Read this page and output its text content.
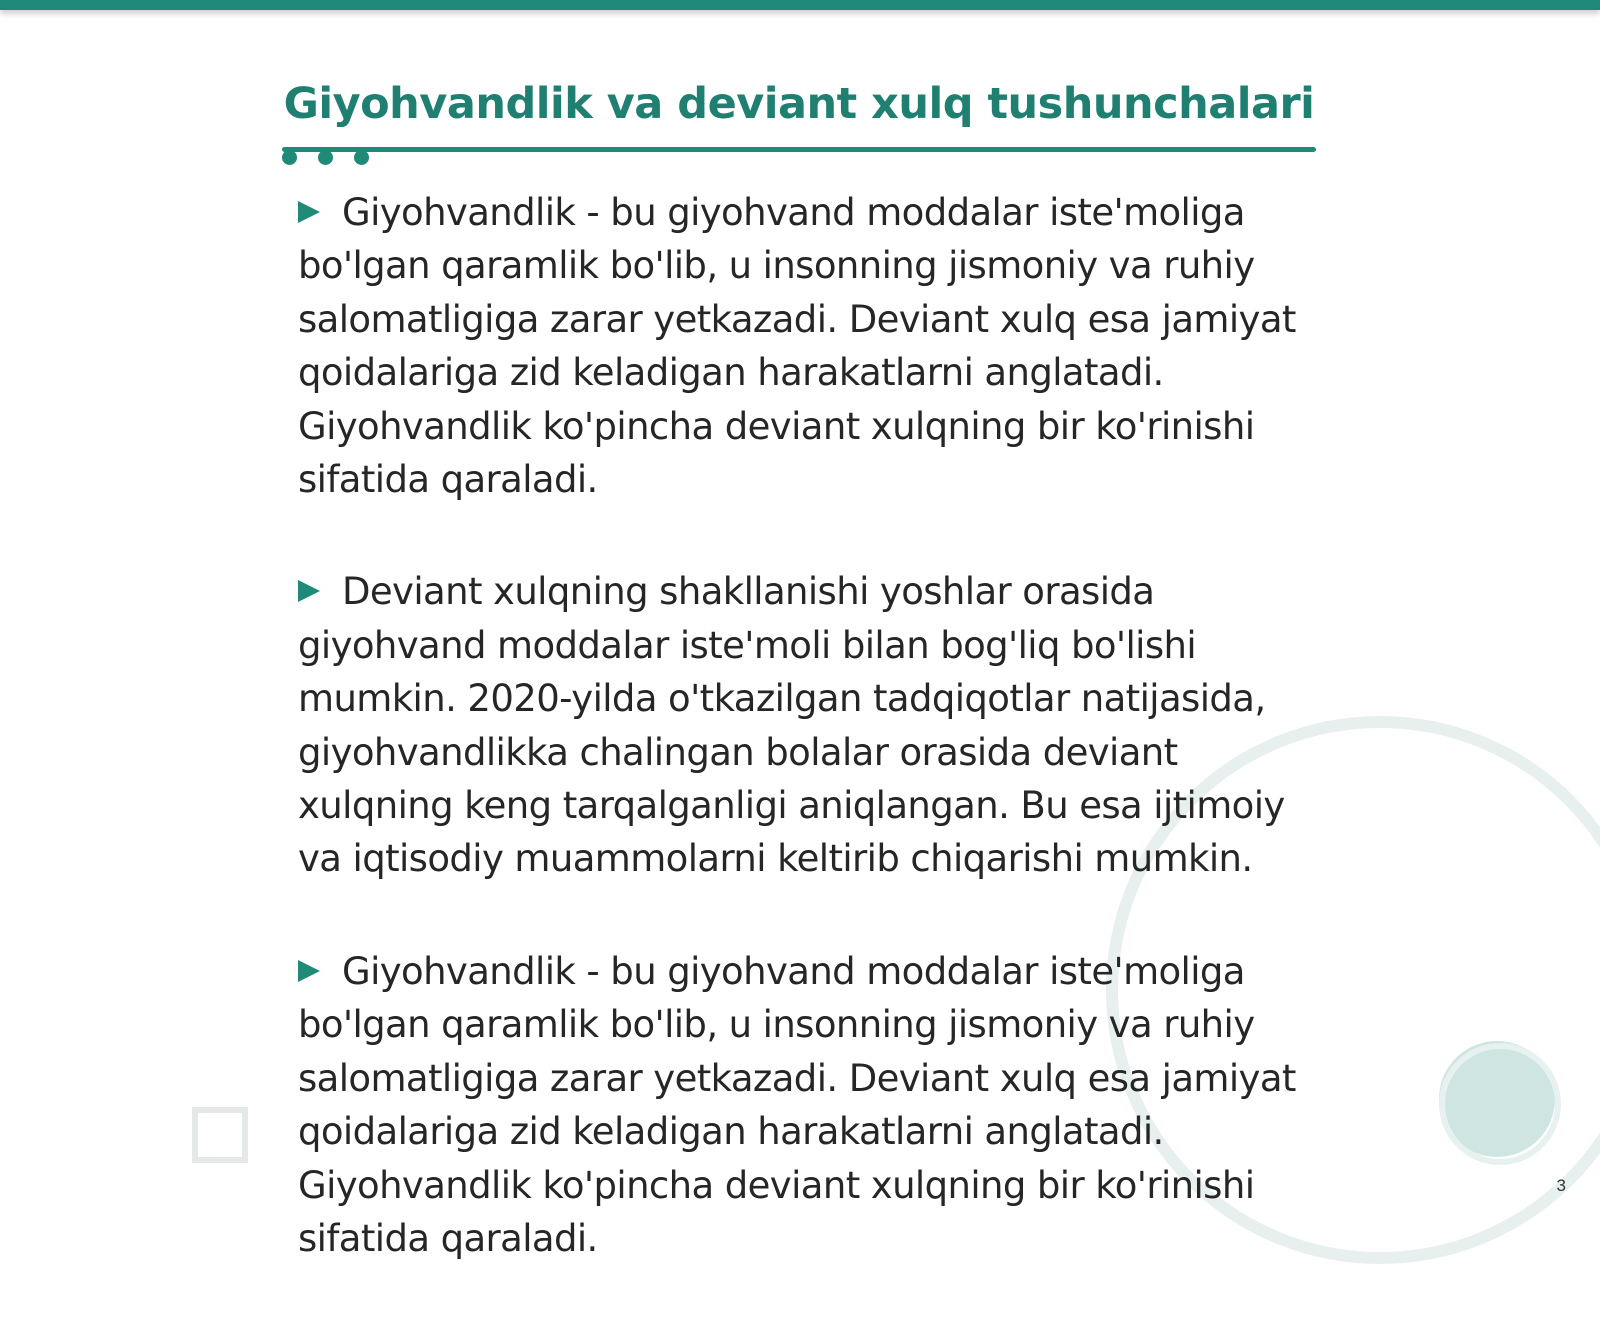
Giyohvandlik va deviant xulq tushunchalari

Giyohvandlik - bu giyohvand moddalar iste'moliga bo'lgan qaramlik bo'lib, u insonning jismoniy va ruhiy salomatligiga zarar yetkazadi. Deviant xulq esa jamiyat qoidalariga zid keladigan harakatlarni anglatadi. Giyohvandlik ko'pincha deviant xulqning bir ko'rinishi sifatida qaraladi.

Deviant xulqning shakllanishi yoshlar orasida giyohvand moddalar iste'moli bilan bog'liq bo'lishi mumkin. 2020-yilda o'tkazilgan tadqiqotlar natijasida, giyohvandlikka chalingan bolalar orasida deviant xulqning keng tarqalganligi aniqlangan. Bu esa ijtimoiy va iqtisodiy muammolarni keltirib chiqarishi mumkin.

Giyohvandlik - bu giyohvand moddalar iste'moliga bo'lgan qaramlik bo'lib, u insonning jismoniy va ruhiy salomatligiga zarar yetkazadi. Deviant xulq esa jamiyat qoidalariga zid keladigan harakatlarni anglatadi. Giyohvandlik ko'pincha deviant xulqning bir ko'rinishi sifatida qaraladi.

3
